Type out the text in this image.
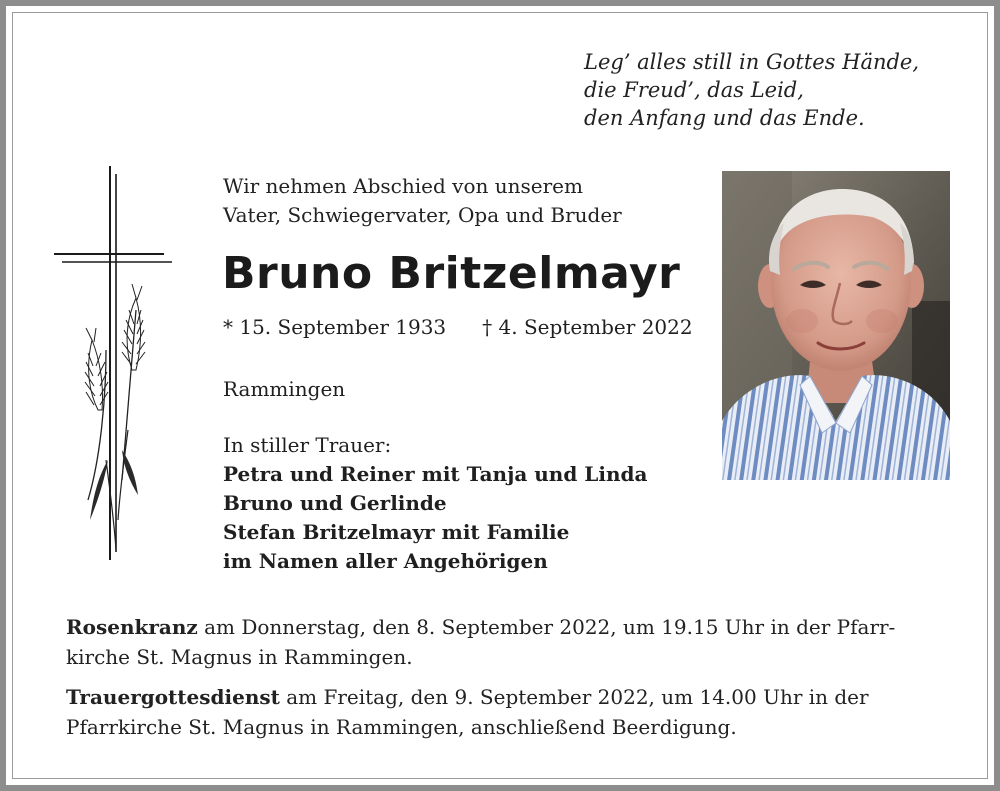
Leg’ alles still in Gottes Hände,
die Freud’, das Leid,
den Anfang und das Ende.
Wir nehmen Abschied von unserem
Vater, Schwiegervater, Opa und Bruder
Bruno Britzelmayr
* 15. September 1933 † 4. September 2022
Rammingen
In stiller Trauer:
Petra und Reiner mit Tanja und Linda
Bruno und Gerlinde
Stefan Britzelmayr mit Familie
im Namen aller Angehörigen
Rosenkranz am Donnerstag, den 8. September 2022, um 19.15 Uhr in der Pfarr-
kirche St. Magnus in Rammingen.
Trauergottesdienst am Freitag, den 9. September 2022, um 14.00 Uhr in der
Pfarrkirche St. Magnus in Rammingen, anschließend Beerdigung.
